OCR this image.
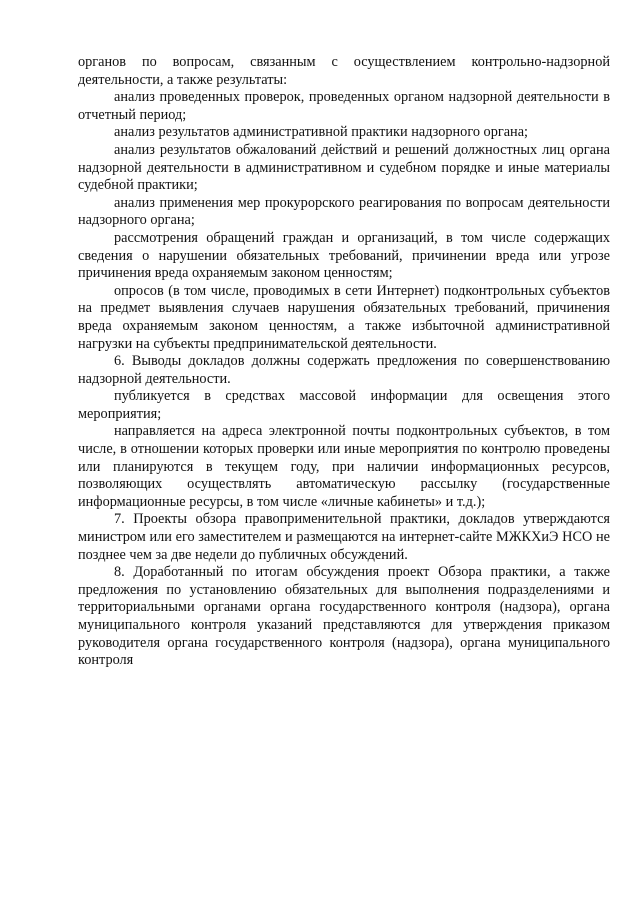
органов по вопросам, связанным с осуществлением контрольно-надзорной деятельности, а также результаты:

анализ проведенных проверок, проведенных органом надзорной деятельности в отчетный период;

анализ результатов административной практики надзорного органа;

анализ результатов обжалований действий и решений должностных лиц органа надзорной деятельности в административном и судебном порядке и иные материалы судебной практики;

анализ применения мер прокурорского реагирования по вопросам деятельности надзорного органа;

рассмотрения обращений граждан и организаций, в том числе содержащих сведения о нарушении обязательных требований, причинении вреда или угрозе причинения вреда охраняемым законом ценностям;

опросов (в том числе, проводимых в сети Интернет) подконтрольных субъектов на предмет выявления случаев нарушения обязательных требований, причинения вреда охраняемым законом ценностям, а также избыточной административной нагрузки на субъекты предпринимательской деятельности.

6. Выводы докладов должны содержать предложения по совершенствованию надзорной деятельности.

публикуется в средствах массовой информации для освещения этого мероприятия;

направляется на адреса электронной почты подконтрольных субъектов, в том числе, в отношении которых проверки или иные мероприятия по контролю проведены или планируются в текущем году, при наличии информационных ресурсов, позволяющих осуществлять автоматическую рассылку (государственные информационные ресурсы, в том числе «личные кабинеты» и т.д.);

7. Проекты обзора правоприменительной практики, докладов утверждаются министром или его заместителем и размещаются на интернет-сайте МЖКХиЭ НСО не позднее чем за две недели до публичных обсуждений.

8. Доработанный по итогам обсуждения проект Обзора практики, а также предложения по установлению обязательных для выполнения подразделениями и территориальными органами органа государственного контроля (надзора), органа муниципального контроля указаний представляются для утверждения приказом руководителя органа государственного контроля (надзора), органа муниципального контроля
